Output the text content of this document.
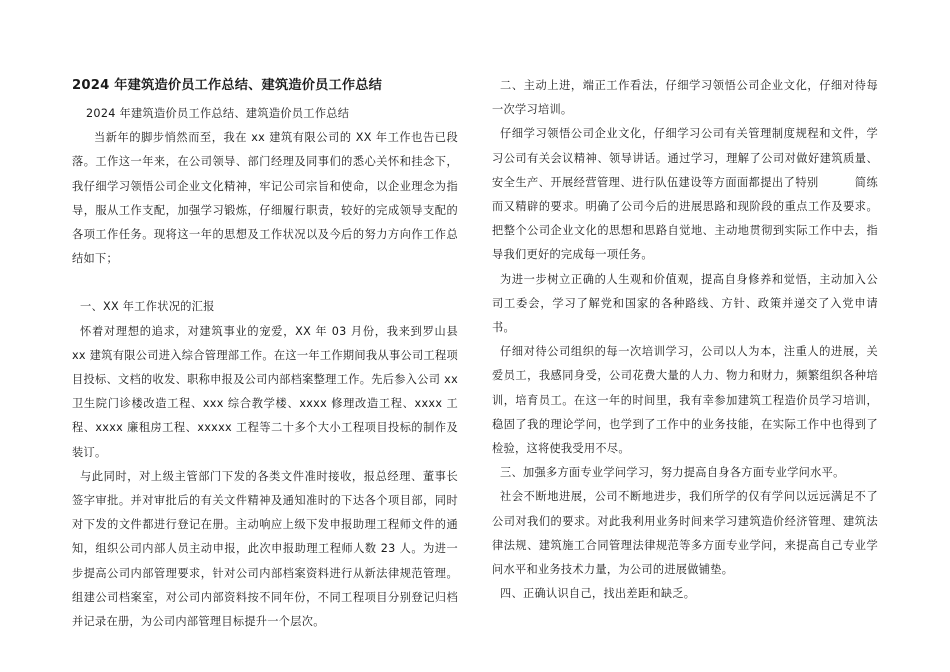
2024 年建筑造价员工作总结、建筑造价员工作总结

2024 年建筑造价员工作总结、建筑造价员工作总结

当新年的脚步悄然而至，我在 xx 建筑有限公司的 XX 年工作也告已段落。工作这一年来，在公司领导、部门经理及同事们的悉心关怀和挂念下，我仔细学习领悟公司企业文化精神，牢记公司宗旨和使命，以企业理念为指导，服从工作支配，加强学习锻炼，仔细履行职责，较好的完成领导支配的各项工作任务。现将这一年的思想及工作状况以及今后的努力方向作工作总结如下；

一、XX 年工作状况的汇报

怀着对理想的追求，对建筑事业的宠爱，XX 年 03 月份，我来到罗山县 xx 建筑有限公司进入综合管理部工作。在这一年工作期间我从事公司工程项目投标、文档的收发、职称申报及公司内部档案整理工作。先后参入公司 xx 卫生院门诊楼改造工程、xxx 综合教学楼、xxxx 修理改造工程、xxxx 工程、xxxx 廉租房工程、xxxxx 工程等二十多个大小工程项目投标的制作及装订。

与此同时，对上级主管部门下发的各类文件准时接收，报总经理、董事长签字审批。并对审批后的有关文件精神及通知准时的下达各个项目部，同时对下发的文件都进行登记在册。主动响应上级下发申报助理工程师文件的通知，组织公司内部人员主动申报，此次申报助理工程师人数 23 人。为进一步提高公司内部管理要求，针对公司内部档案资料进行从新法律规范管理。组建公司档案室，对公司内部资料按不同年份，不同工程项目分别登记归档并记录在册，为公司内部管理目标提升一个层次。

二、主动上进，端正工作看法，仔细学习领悟公司企业文化，仔细对待每一次学习培训。

仔细学习领悟公司企业文化，仔细学习公司有关管理制度规程和文件，学习公司有关会议精神、领导讲话。通过学习，理解了公司对做好建筑质量、安全生产、开展经营管理、进行队伍建设等方面面都提出了特别	简练而又精辟的要求。明确了公司今后的进展思路和现阶段的重点工作及要求。把整个公司企业文化的思想和思路自觉地、主动地贯彻到实际工作中去，指导我们更好的完成每一项任务。

为进一步树立正确的人生观和价值观，提高自身修养和觉悟，主动加入公司工委会，学习了解党和国家的各种路线、方针、政策并递交了入党申请书。

仔细对待公司组织的每一次培训学习，公司以人为本，注重人的进展，关爱员工，我感同身受，公司花费大量的人力、物力和财力，频繁组织各种培训，培育员工。在这一年的时间里，我有幸参加建筑工程造价员学习培训，稳固了我的理论学问，也学到了工作中的业务技能，在实际工作中也得到了检验，这将使我受用不尽。

三、加强多方面专业学问学习，努力提高自身各方面专业学问水平。

社会不断地进展，公司不断地进步，我们所学的仅有学问以远远满足不了公司对我们的要求。对此我利用业务时间来学习建筑造价经济管理、建筑法律法规、建筑施工合同管理法律规范等多方面专业学问，来提高自己专业学问水平和业务技术力量，为公司的进展做铺垫。

四、正确认识自己，找出差距和缺乏。
